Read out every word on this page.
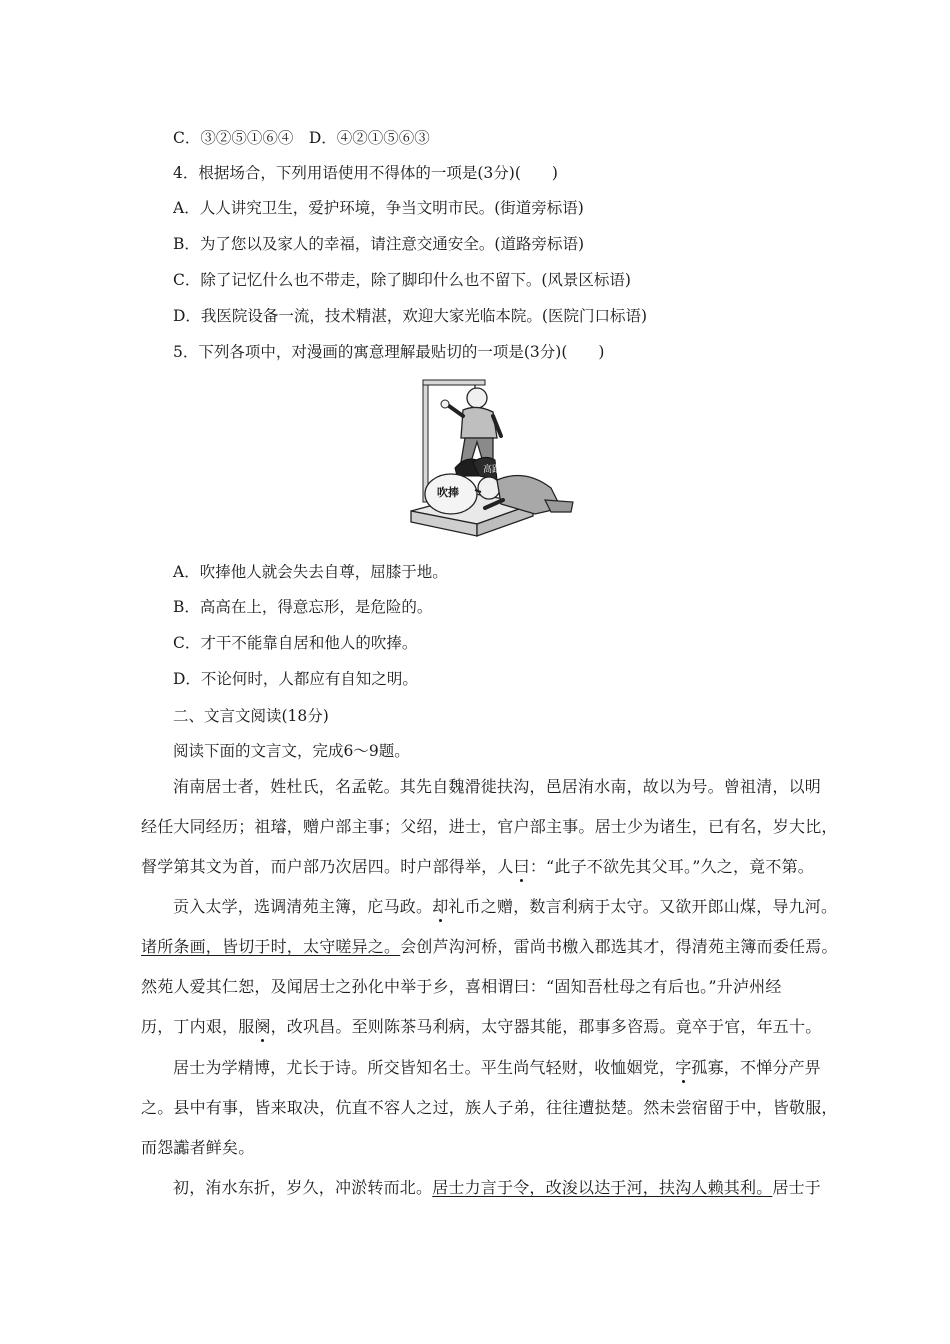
C．③②⑤①⑥④　D．④②①⑤⑥③
4．根据场合，下列用语使用不得体的一项是(3分)(　　)
A．人人讲究卫生，爱护环境，争当文明市民。(街道旁标语)
B．为了您以及家人的幸福，请注意交通安全。(道路旁标语)
C．除了记忆什么也不带走，除了脚印什么也不留下。(风景区标语)
D．我医院设备一流，技术精湛，欢迎大家光临本院。(医院门口标语)
5．下列各项中，对漫画的寓意理解最贴切的一项是(3分)(　　)
高跟
吹捧
A．吹捧他人就会失去自尊，屈膝于地。
B．高高在上，得意忘形，是危险的。
C．才干不能靠自居和他人的吹捧。
D．不论何时，人都应有自知之明。
二、文言文阅读(18分)
阅读下面的文言文，完成6～9题。
洧南居士者，姓杜氏，名孟乾。其先自魏滑徙扶沟，邑居洧水南，故以为号。曾祖清，以明
经任大同经历；祖璿，赠户部主事；父绍，进士，官户部主事。居士少为诸生，已有名，岁大比，
督学第其文为首，而户部乃次居四。时户部得举，人曰：“此子不欲先其父耳。”久之，竟不第。
贡入太学，选调清苑主簿，庀马政。却礼币之赠，数言利病于太守。又欲开郎山煤，导九河。
诸所条画，皆切于时，太守嗟异之。会创芦沟河桥，雷尚书檄入郡选其才，得清苑主簿而委任焉。
然苑人爱其仁恕，及闻居士之孙化中举于乡，喜相谓曰：“固知吾杜母之有后也。”升泸州经
历，丁内艰，服阕，改巩昌。至则陈茶马利病，太守器其能，郡事多咨焉。竟卒于官，年五十。
居士为学精博，尤长于诗。所交皆知名士。平生尚气轻财，收恤姻党，字孤寡，不惮分产畀
之。县中有事，皆来取决，伉直不容人之过，族人子弟，往往遭挞楚。然未尝宿留于中，皆敬服，
而怨讟者鲜矣。
初，洧水东折，岁久，冲淤转而北。居士力言于令，改浚以达于河，扶沟人赖其利。居士于
